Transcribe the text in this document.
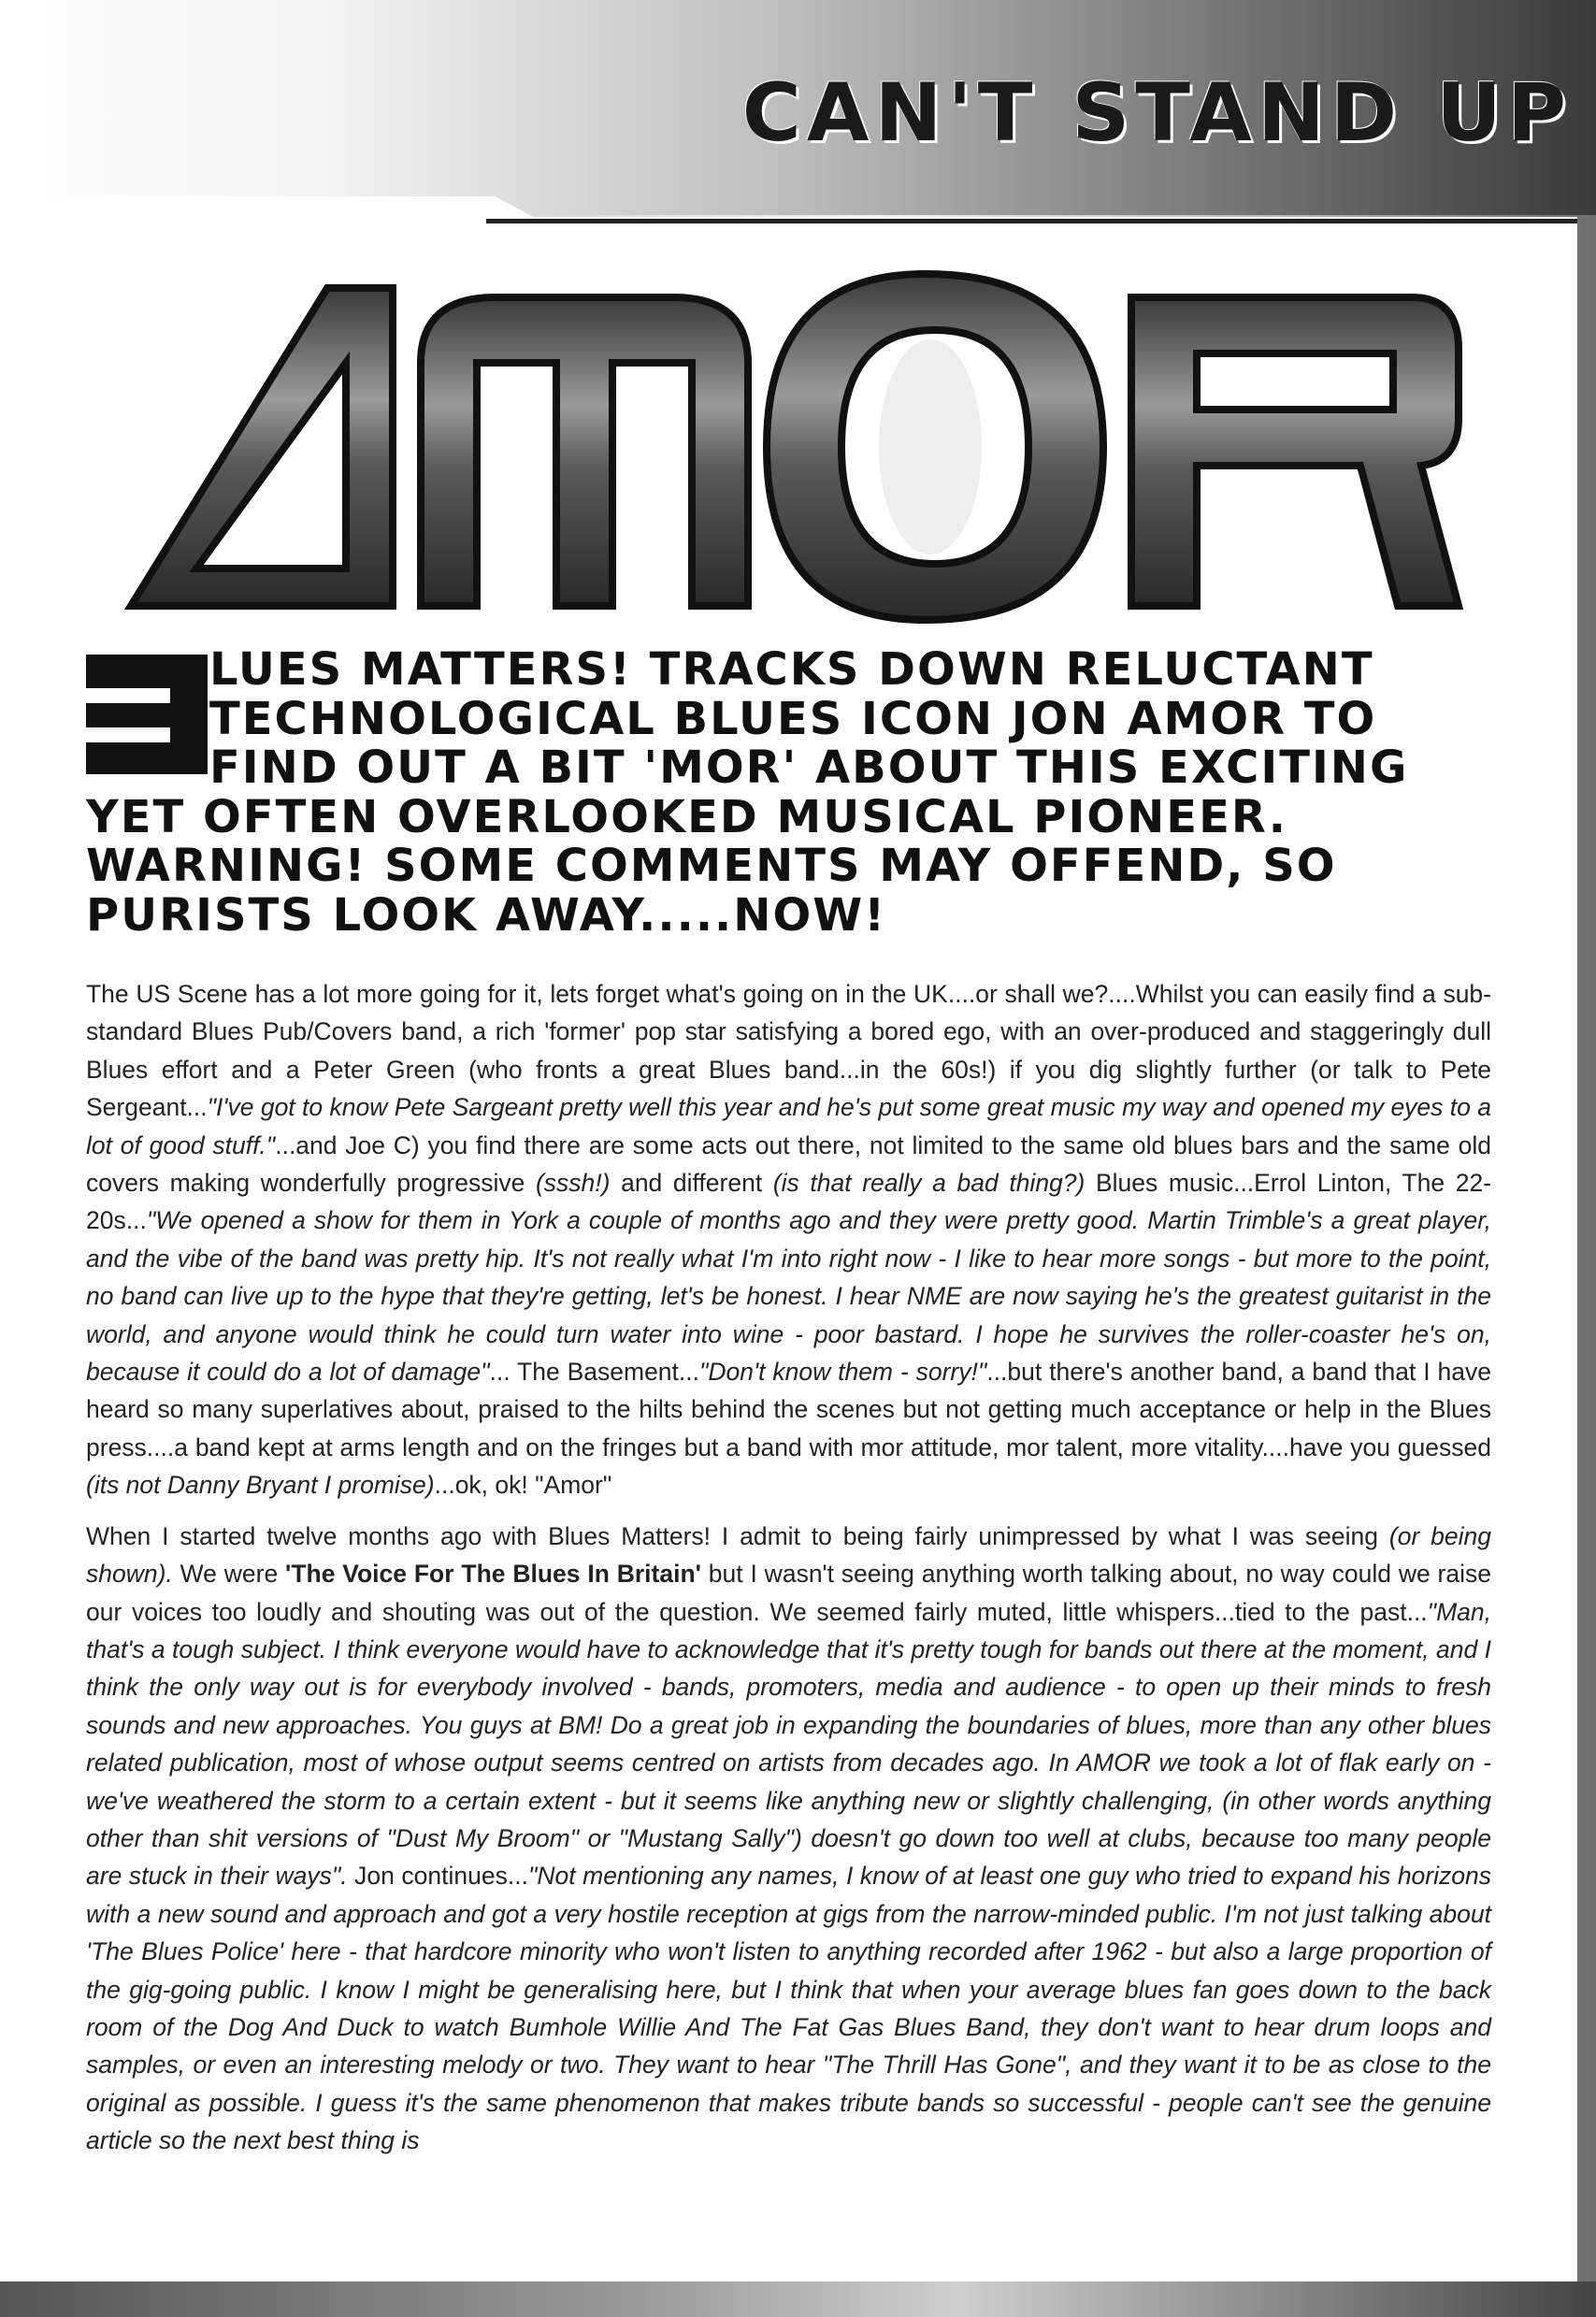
CAN'T STAND UP
LUES MATTERS! TRACKS DOWN RELUCTANT
TECHNOLOGICAL BLUES ICON JON AMOR TO
FIND OUT A BIT 'MOR' ABOUT THIS EXCITING
YET OFTEN OVERLOOKED MUSICAL PIONEER.
WARNING! SOME COMMENTS MAY OFFEND, SO
PURISTS LOOK AWAY.....NOW!

The US Scene has a lot more going for it, lets forget what's going on in the UK....or shall we?....Whilst you can easily find a sub-standard Blues Pub/Covers band, a rich 'former' pop star satisfying a bored ego, with an over-produced and staggeringly dull Blues effort and a Peter Green (who fronts a great Blues band...in the 60s!) if you dig slightly further (or talk to Pete Sergeant..."I've got to know Pete Sargeant pretty well this year and he's put some great music my way and opened my eyes to a lot of good stuff."...and Joe C) you find there are some acts out there, not limited to the same old blues bars and the same old covers making wonderfully progressive (sssh!) and different (is that really a bad thing?) Blues music...Errol Linton, The 22-20s..."We opened a show for them in York a couple of months ago and they were pretty good. Martin Trimble's a great player, and the vibe of the band was pretty hip. It's not really what I'm into right now - I like to hear more songs - but more to the point, no band can live up to the hype that they're getting, let's be honest. I hear NME are now saying he's the greatest guitarist in the world, and anyone would think he could turn water into wine - poor bastard. I hope he survives the roller-coaster he's on, because it could do a lot of damage"... The Basement..."Don't know them - sorry!"...but there's another band, a band that I have heard so many superlatives about, praised to the hilts behind the scenes but not getting much acceptance or help in the Blues press....a band kept at arms length and on the fringes but a band with mor attitude, mor talent, more vitality....have you guessed (its not Danny Bryant I promise)...ok, ok! "Amor"

When I started twelve months ago with Blues Matters! I admit to being fairly unimpressed by what I was seeing (or being shown). We were 'The Voice For The Blues In Britain' but I wasn't seeing anything worth talking about, no way could we raise our voices too loudly and shouting was out of the question. We seemed fairly muted, little whispers...tied to the past..."Man, that's a tough subject. I think everyone would have to acknowledge that it's pretty tough for bands out there at the moment, and I think the only way out is for everybody involved - bands, promoters, media and audience - to open up their minds to fresh sounds and new approaches. You guys at BM! Do a great job in expanding the boundaries of blues, more than any other blues related publication, most of whose output seems centred on artists from decades ago. In AMOR we took a lot of flak early on - we've weathered the storm to a certain extent - but it seems like anything new or slightly challenging, (in other words anything other than shit versions of "Dust My Broom" or "Mustang Sally") doesn't go down too well at clubs, because too many people are stuck in their ways". Jon continues..."Not mentioning any names, I know of at least one guy who tried to expand his horizons with a new sound and approach and got a very hostile reception at gigs from the narrow-minded public. I'm not just talking about 'The Blues Police' here - that hardcore minority who won't listen to anything recorded after 1962 - but also a large proportion of the gig-going public. I know I might be generalising here, but I think that when your average blues fan goes down to the back room of the Dog And Duck to watch Bumhole Willie And The Fat Gas Blues Band, they don't want to hear drum loops and samples, or even an interesting melody or two. They want to hear "The Thrill Has Gone", and they want it to be as close to the original as possible. I guess it's the same phenomenon that makes tribute bands so successful - people can't see the genuine article so the next best thing is
